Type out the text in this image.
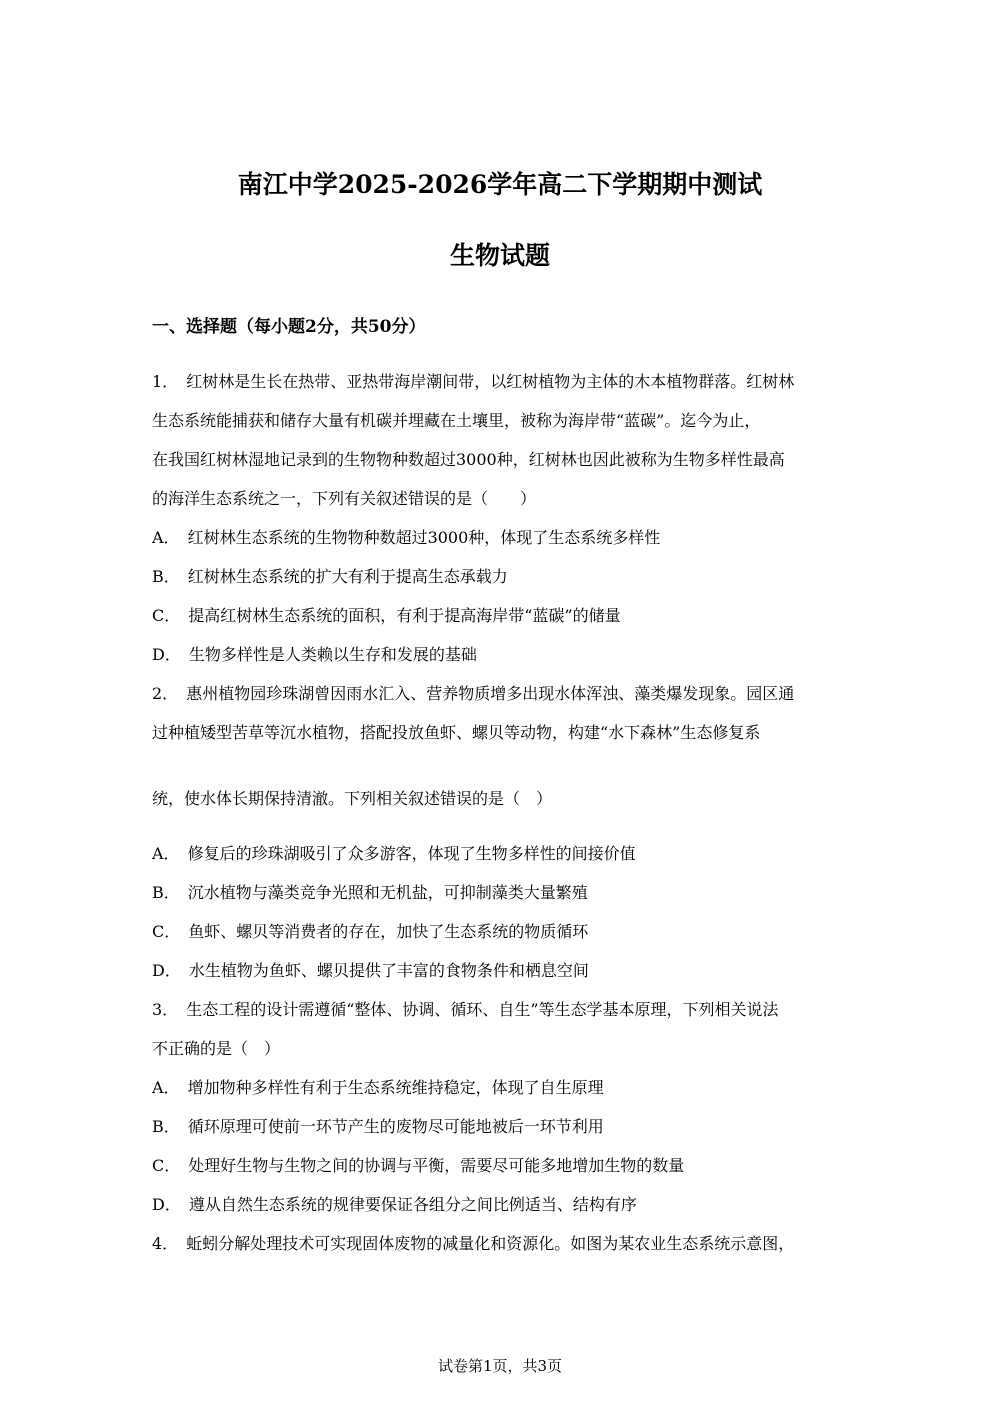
南江中学2025-2026学年高二下学期期中测试
生物试题
一、选择题（每小题2分，共50分）
1． 红树林是生长在热带、亚热带海岸潮间带，以红树植物为主体的木本植物群落。红树林
生态系统能捕获和储存大量有机碳并埋藏在土壤里，被称为海岸带“蓝碳”。迄今为止，
在我国红树林湿地记录到的生物物种数超过3000种，红树林也因此被称为生物多样性最高
的海洋生态系统之一，下列有关叙述错误的是（　　）
A． 红树林生态系统的生物物种数超过3000种，体现了生态系统多样性
B． 红树林生态系统的扩大有利于提高生态承载力
C． 提高红树林生态系统的面积，有利于提高海岸带“蓝碳”的储量
D． 生物多样性是人类赖以生存和发展的基础
2． 惠州植物园珍珠湖曾因雨水汇入、营养物质增多出现水体浑浊、藻类爆发现象。园区通
过种植矮型苦草等沉水植物，搭配投放鱼虾、螺贝等动物，构建“水下森林”生态修复系
统，使水体长期保持清澈。下列相关叙述错误的是（　）
A． 修复后的珍珠湖吸引了众多游客，体现了生物多样性的间接价值
B． 沉水植物与藻类竞争光照和无机盐，可抑制藻类大量繁殖
C． 鱼虾、螺贝等消费者的存在，加快了生态系统的物质循环
D． 水生植物为鱼虾、螺贝提供了丰富的食物条件和栖息空间
3． 生态工程的设计需遵循“整体、协调、循环、自生”等生态学基本原理，下列相关说法
不正确的是（　）
A． 增加物种多样性有利于生态系统维持稳定，体现了自生原理
B． 循环原理可使前一环节产生的废物尽可能地被后一环节利用
C． 处理好生物与生物之间的协调与平衡，需要尽可能多地增加生物的数量
D． 遵从自然生态系统的规律要保证各组分之间比例适当、结构有序
4． 蚯蚓分解处理技术可实现固体废物的减量化和资源化。如图为某农业生态系统示意图，
试卷第1页，共3页
